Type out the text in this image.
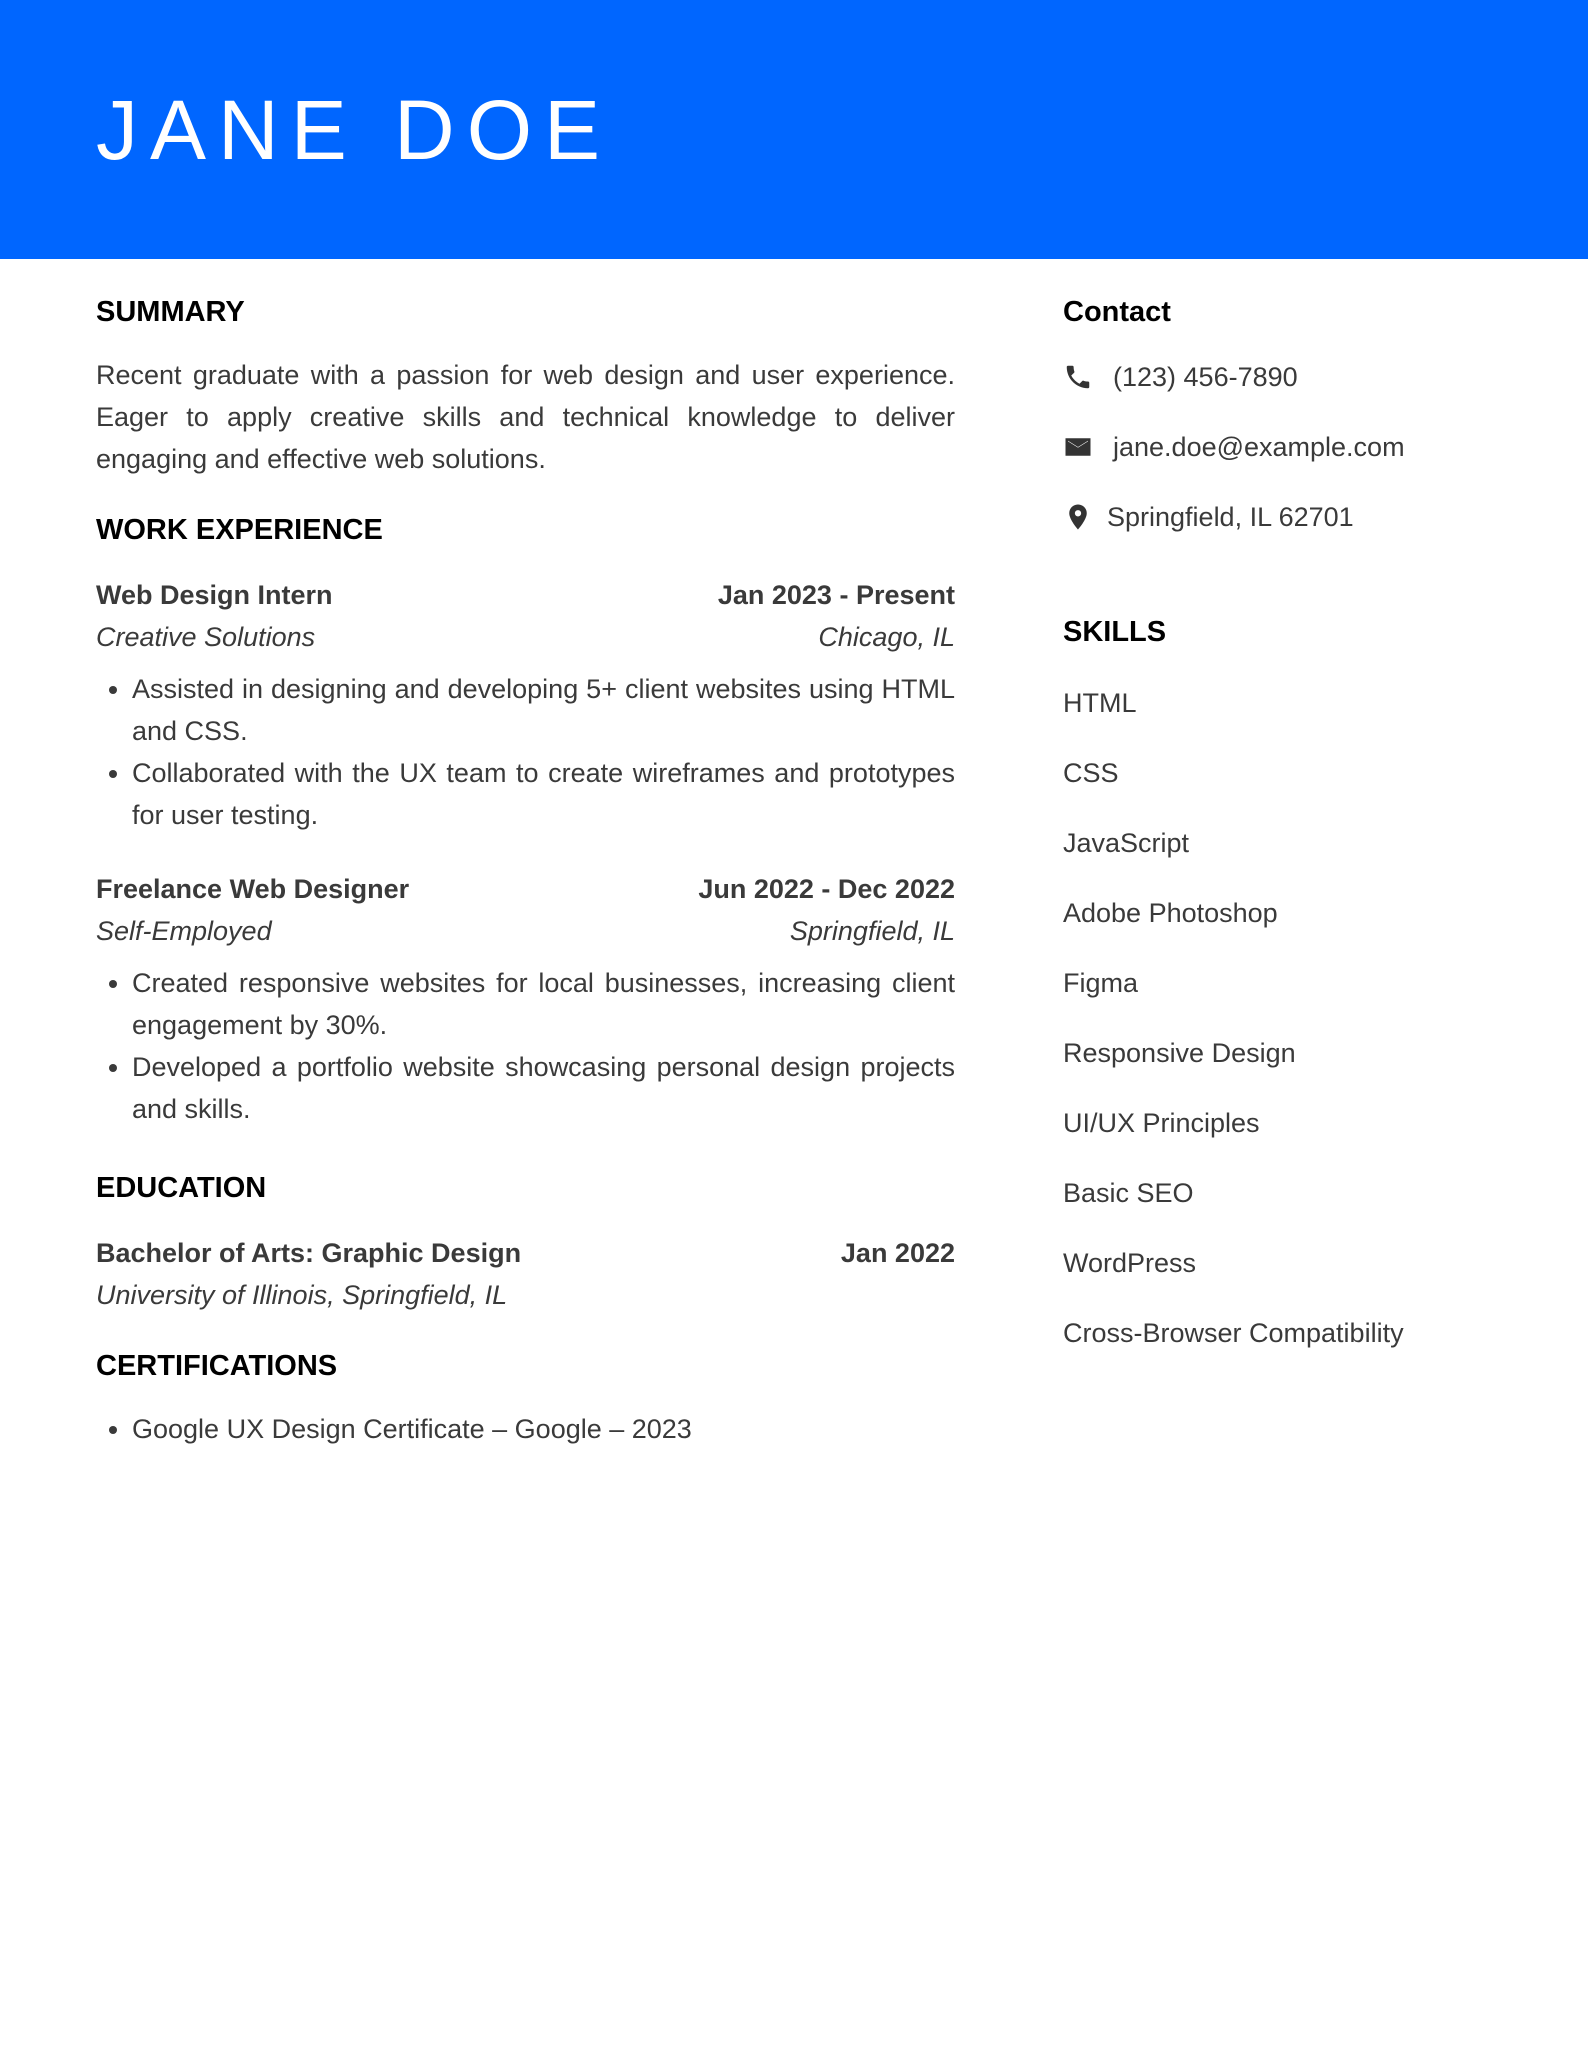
JANE DOE
SUMMARY

Recent graduate with a passion for web design and user experience. Eager to apply creative skills and technical knowledge to deliver engaging and effective web solutions.

WORK EXPERIENCE
Web Design Intern	Jan 2023 - Present
Creative Solutions	Chicago, IL
• Assisted in designing and developing 5+ client websites using HTML and CSS.
• Collaborated with the UX team to create wireframes and prototypes for user testing.
Freelance Web Designer	Jun 2022 - Dec 2022
Self-Employed	Springfield, IL
• Created responsive websites for local businesses, increasing client engagement by 30%.
• Developed a portfolio website showcasing personal design projects and skills.
EDUCATION
Bachelor of Arts: Graphic Design	Jan 2022
University of Illinois, Springfield, IL
CERTIFICATIONS
• Google UX Design Certificate – Google – 2023
Contact
(123) 456-7890
jane.doe@example.com
Springfield, IL 62701
SKILLS
HTML
CSS
JavaScript
Adobe Photoshop
Figma
Responsive Design
UI/UX Principles
Basic SEO
WordPress
Cross-Browser Compatibility
